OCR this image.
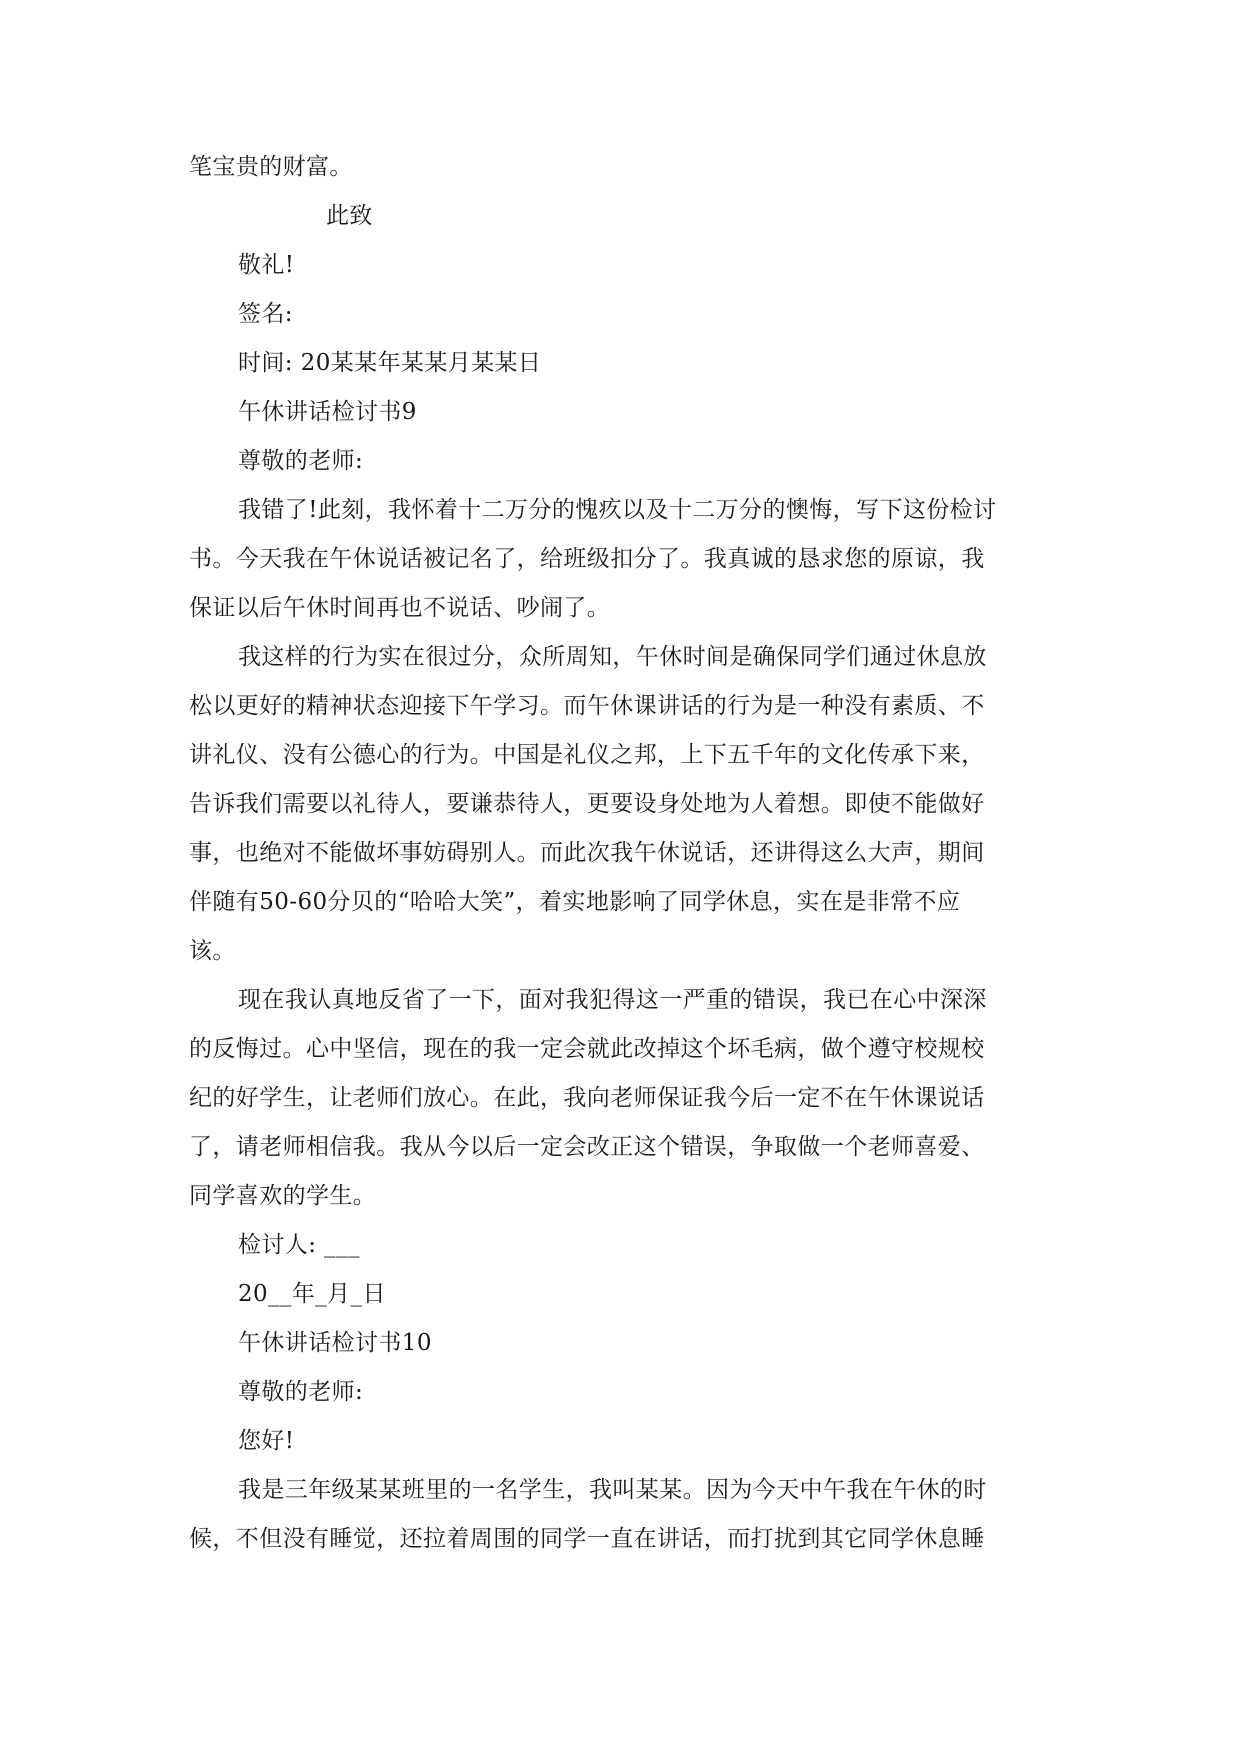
笔宝贵的财富。
此致
敬礼!
签名:
时间: 20某某年某某月某某日
午休讲话检讨书9
尊敬的老师:
我错了!此刻，我怀着十二万分的愧疚以及十二万分的懊悔，写下这份检讨
书。今天我在午休说话被记名了，给班级扣分了。我真诚的恳求您的原谅，我
保证以后午休时间再也不说话、吵闹了。
我这样的行为实在很过分，众所周知，午休时间是确保同学们通过休息放
松以更好的精神状态迎接下午学习。而午休课讲话的行为是一种没有素质、不
讲礼仪、没有公德心的行为。中国是礼仪之邦，上下五千年的文化传承下来，
告诉我们需要以礼待人，要谦恭待人，更要设身处地为人着想。即使不能做好
事，也绝对不能做坏事妨碍别人。而此次我午休说话，还讲得这么大声，期间
伴随有50-60分贝的“哈哈大笑”，着实地影响了同学休息，实在是非常不应
该。
现在我认真地反省了一下，面对我犯得这一严重的错误，我已在心中深深
的反悔过。心中坚信，现在的我一定会就此改掉这个坏毛病，做个遵守校规校
纪的好学生，让老师们放心。在此，我向老师保证我今后一定不在午休课说话
了，请老师相信我。我从今以后一定会改正这个错误，争取做一个老师喜爱、
同学喜欢的学生。
检讨人: ___
20__年_月_日
午休讲话检讨书10
尊敬的老师:
您好!
我是三年级某某班里的一名学生，我叫某某。因为今天中午我在午休的时
候，不但没有睡觉，还拉着周围的同学一直在讲话，而打扰到其它同学休息睡
